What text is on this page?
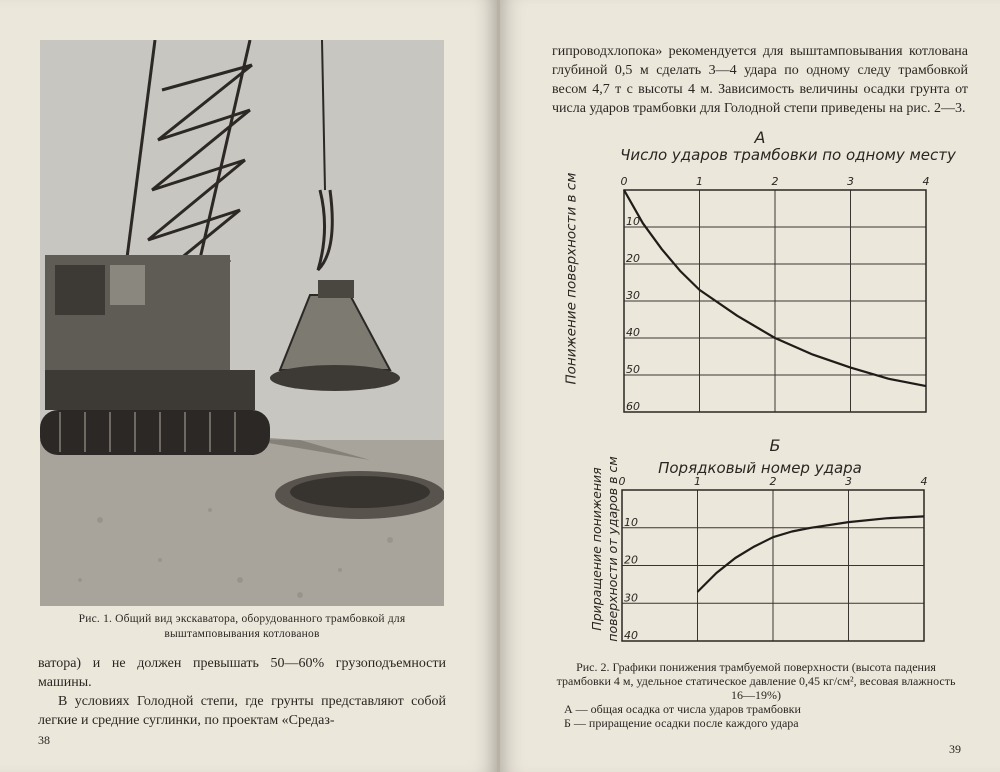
Рис. 1. Общий вид экскаватора, оборудованного трамбовкой для выштамповывания котлованов

ватора) и не должен превышать 50—60% грузоподъемности машины.

В условиях Голодной степи, где грунты представляют собой легкие и средние суглинки, по проектам «Средаз-

38
39

гипроводхлопока» рекомендуется для выштамповывания котлована глубиной 0,5 м сделать 3—4 удара по одному следу трамбовкой весом 4,7 т с высоты 4 м. Зависимость величины осадки грунта от числа ударов трамбовки для Голодной степи приведены на рис. 2—3.

А
Число ударов трамбовки по одному месту
Понижение поверхности в см
Б
Порядковый номер удара
Приращение понижения поверхности от ударов в см
0	1	2	3	4
10
20
30
40
50
60
0	1	2	3	4
10
20
30
40
Рис. 2. Графики понижения трамбуемой поверхности (высота падения трамбовки 4 м, удельное статическое давление 0,45 кг/см², весовая влажность 16—19%)
А — общая осадка от числа ударов трамбовки
Б — приращение осадки после каждого удара
